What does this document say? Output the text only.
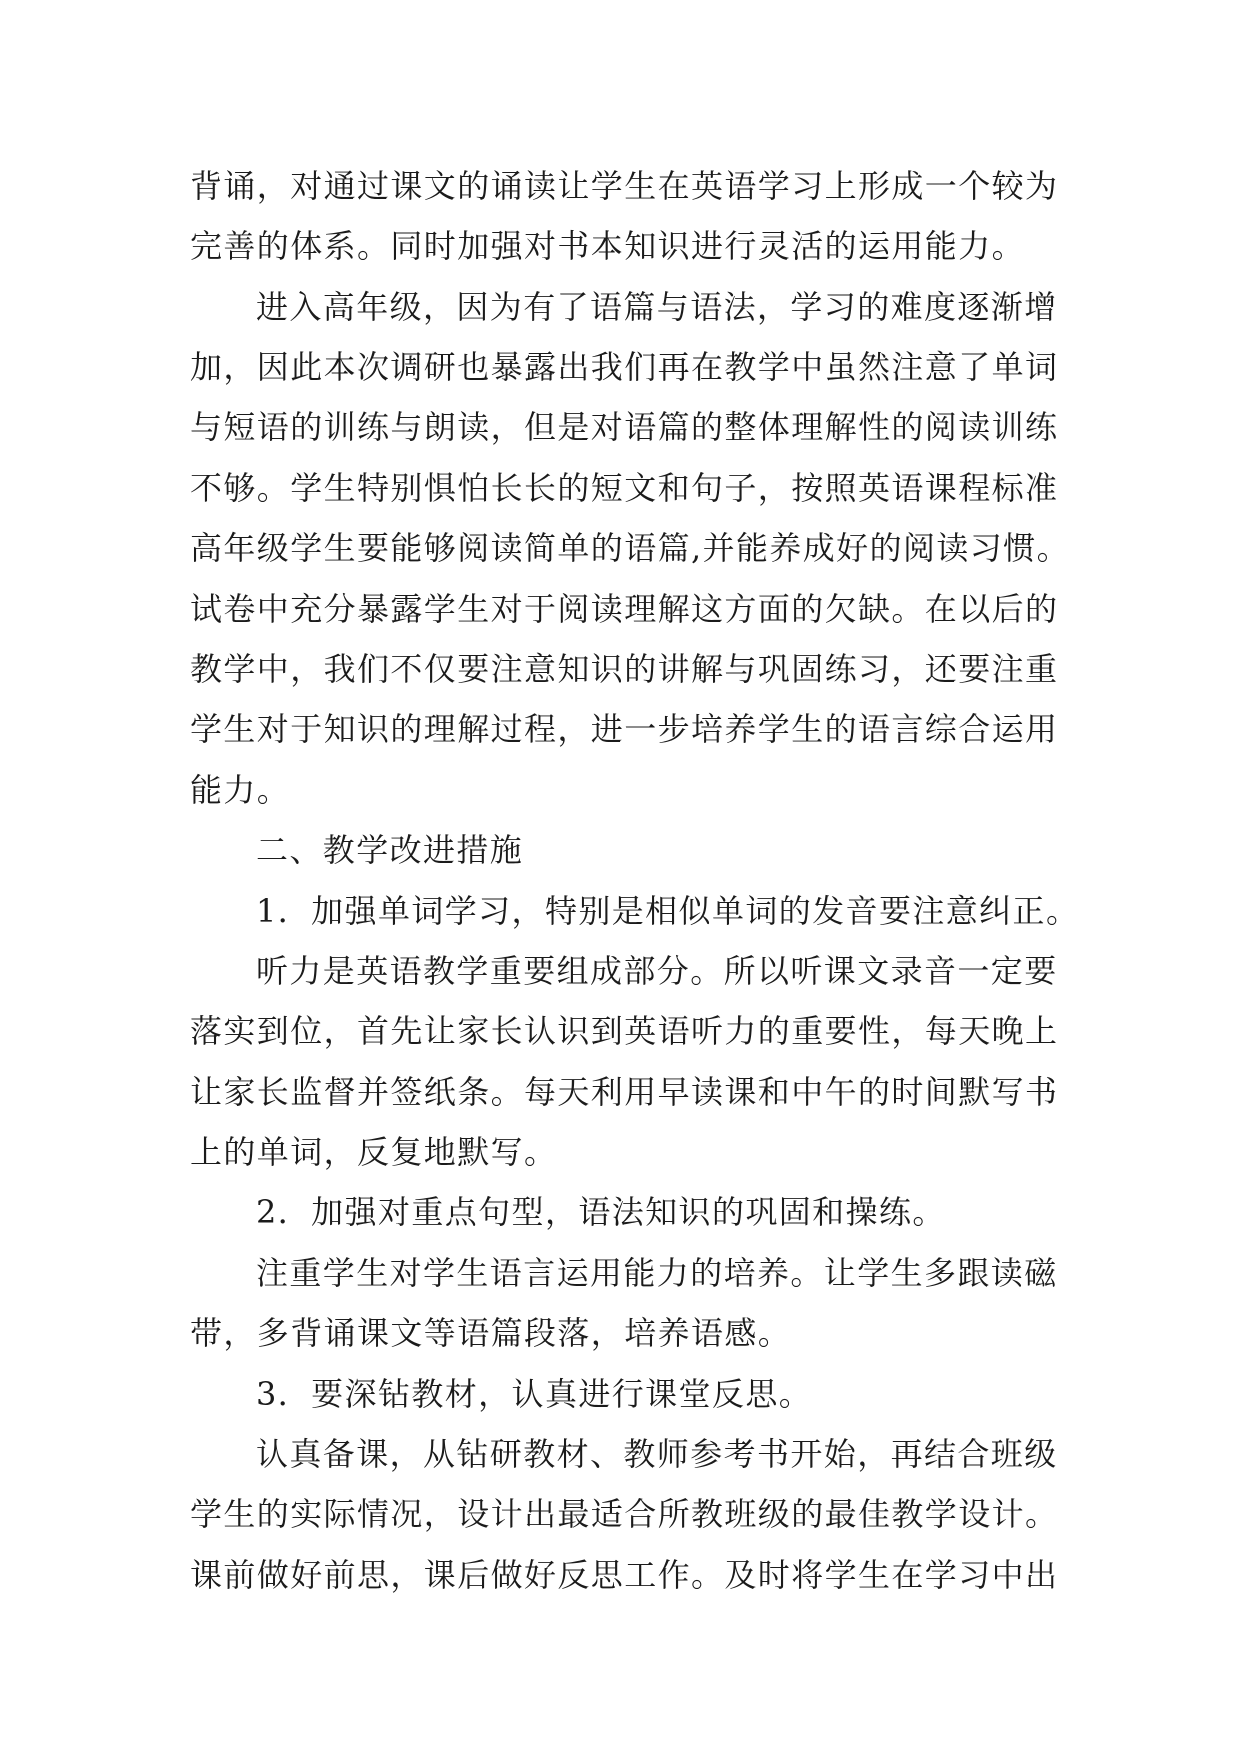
背诵，对通过课文的诵读让学生在英语学习上形成一个较为

完善的体系。同时加强对书本知识进行灵活的运用能力。

进入高年级，因为有了语篇与语法，学习的难度逐渐增

加，因此本次调研也暴露出我们再在教学中虽然注意了单词

与短语的训练与朗读，但是对语篇的整体理解性的阅读训练

不够。学生特别惧怕长长的短文和句子，按照英语课程标准

高年级学生要能够阅读简单的语篇,并能养成好的阅读习惯。

试卷中充分暴露学生对于阅读理解这方面的欠缺。在以后的

教学中，我们不仅要注意知识的讲解与巩固练习，还要注重

学生对于知识的理解过程，进一步培养学生的语言综合运用

能力。

二、教学改进措施

1．加强单词学习，特别是相似单词的发音要注意纠正。

听力是英语教学重要组成部分。所以听课文录音一定要

落实到位，首先让家长认识到英语听力的重要性，每天晚上

让家长监督并签纸条。每天利用早读课和中午的时间默写书

上的单词，反复地默写。

2．加强对重点句型，语法知识的巩固和操练。

注重学生对学生语言运用能力的培养。让学生多跟读磁

带，多背诵课文等语篇段落，培养语感。

3．要深钻教材，认真进行课堂反思。

认真备课，从钻研教材、教师参考书开始，再结合班级

学生的实际情况，设计出最适合所教班级的最佳教学设计。

课前做好前思，课后做好反思工作。及时将学生在学习中出
